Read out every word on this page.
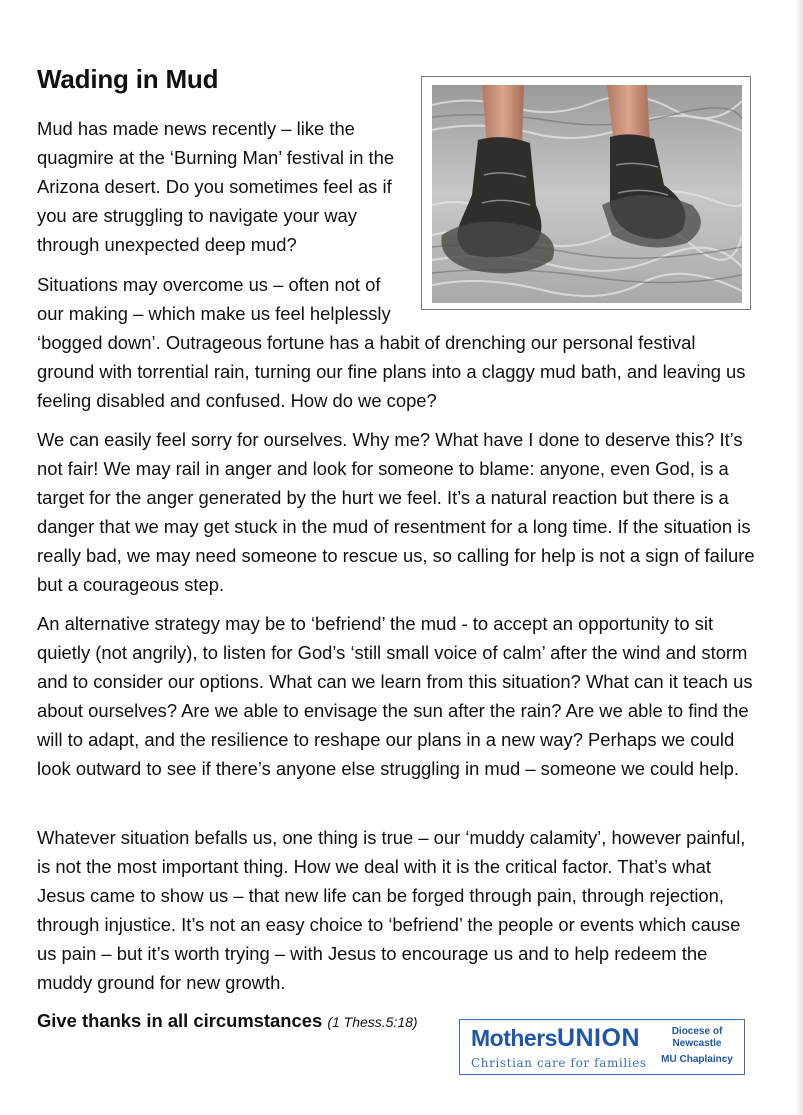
Wading in Mud

Mud has made news recently – like the quagmire at the ‘Burning Man’ festival in the Arizona desert. Do you sometimes feel as if you are struggling to navigate your way through unexpected deep mud?

Situations may overcome us – often not of our making – which make us feel helplessly ‘bogged down’. Outrageous fortune has a habit of drenching our personal festival ground with torrential rain, turning our fine plans into a claggy mud bath, and leaving us feeling disabled and confused. How do we cope?

We can easily feel sorry for ourselves. Why me? What have I done to deserve this? It’s not fair! We may rail in anger and look for someone to blame: anyone, even God, is a target for the anger generated by the hurt we feel. It’s a natural reaction but there is a danger that we may get stuck in the mud of resentment for a long time. If the situation is really bad, we may need someone to rescue us, so calling for help is not a sign of failure but a courageous step.

An alternative strategy may be to ‘befriend’ the mud - to accept an opportunity to sit quietly (not angrily), to listen for God’s ‘still small voice of calm’ after the wind and storm and to consider our options. What can we learn from this situation? What can it teach us about ourselves? Are we able to envisage the sun after the rain? Are we able to find the will to adapt, and the resilience to reshape our plans in a new way? Perhaps we could look outward to see if there’s anyone else struggling in mud – someone we could help.

Whatever situation befalls us, one thing is true – our ‘muddy calamity’, however painful, is not the most important thing. How we deal with it is the critical factor. That’s what Jesus came to show us – that new life can be forged through pain, through rejection, through injustice. It’s not an easy choice to ‘befriend’ the people or events which cause us pain – but it’s worth trying – with Jesus to encourage us and to help redeem the muddy ground for new growth.

Give thanks in all circumstances (1 Thess.5:18)
MothersUNION
Christian care for families
Diocese of
Newcastle
MU Chaplaincy
